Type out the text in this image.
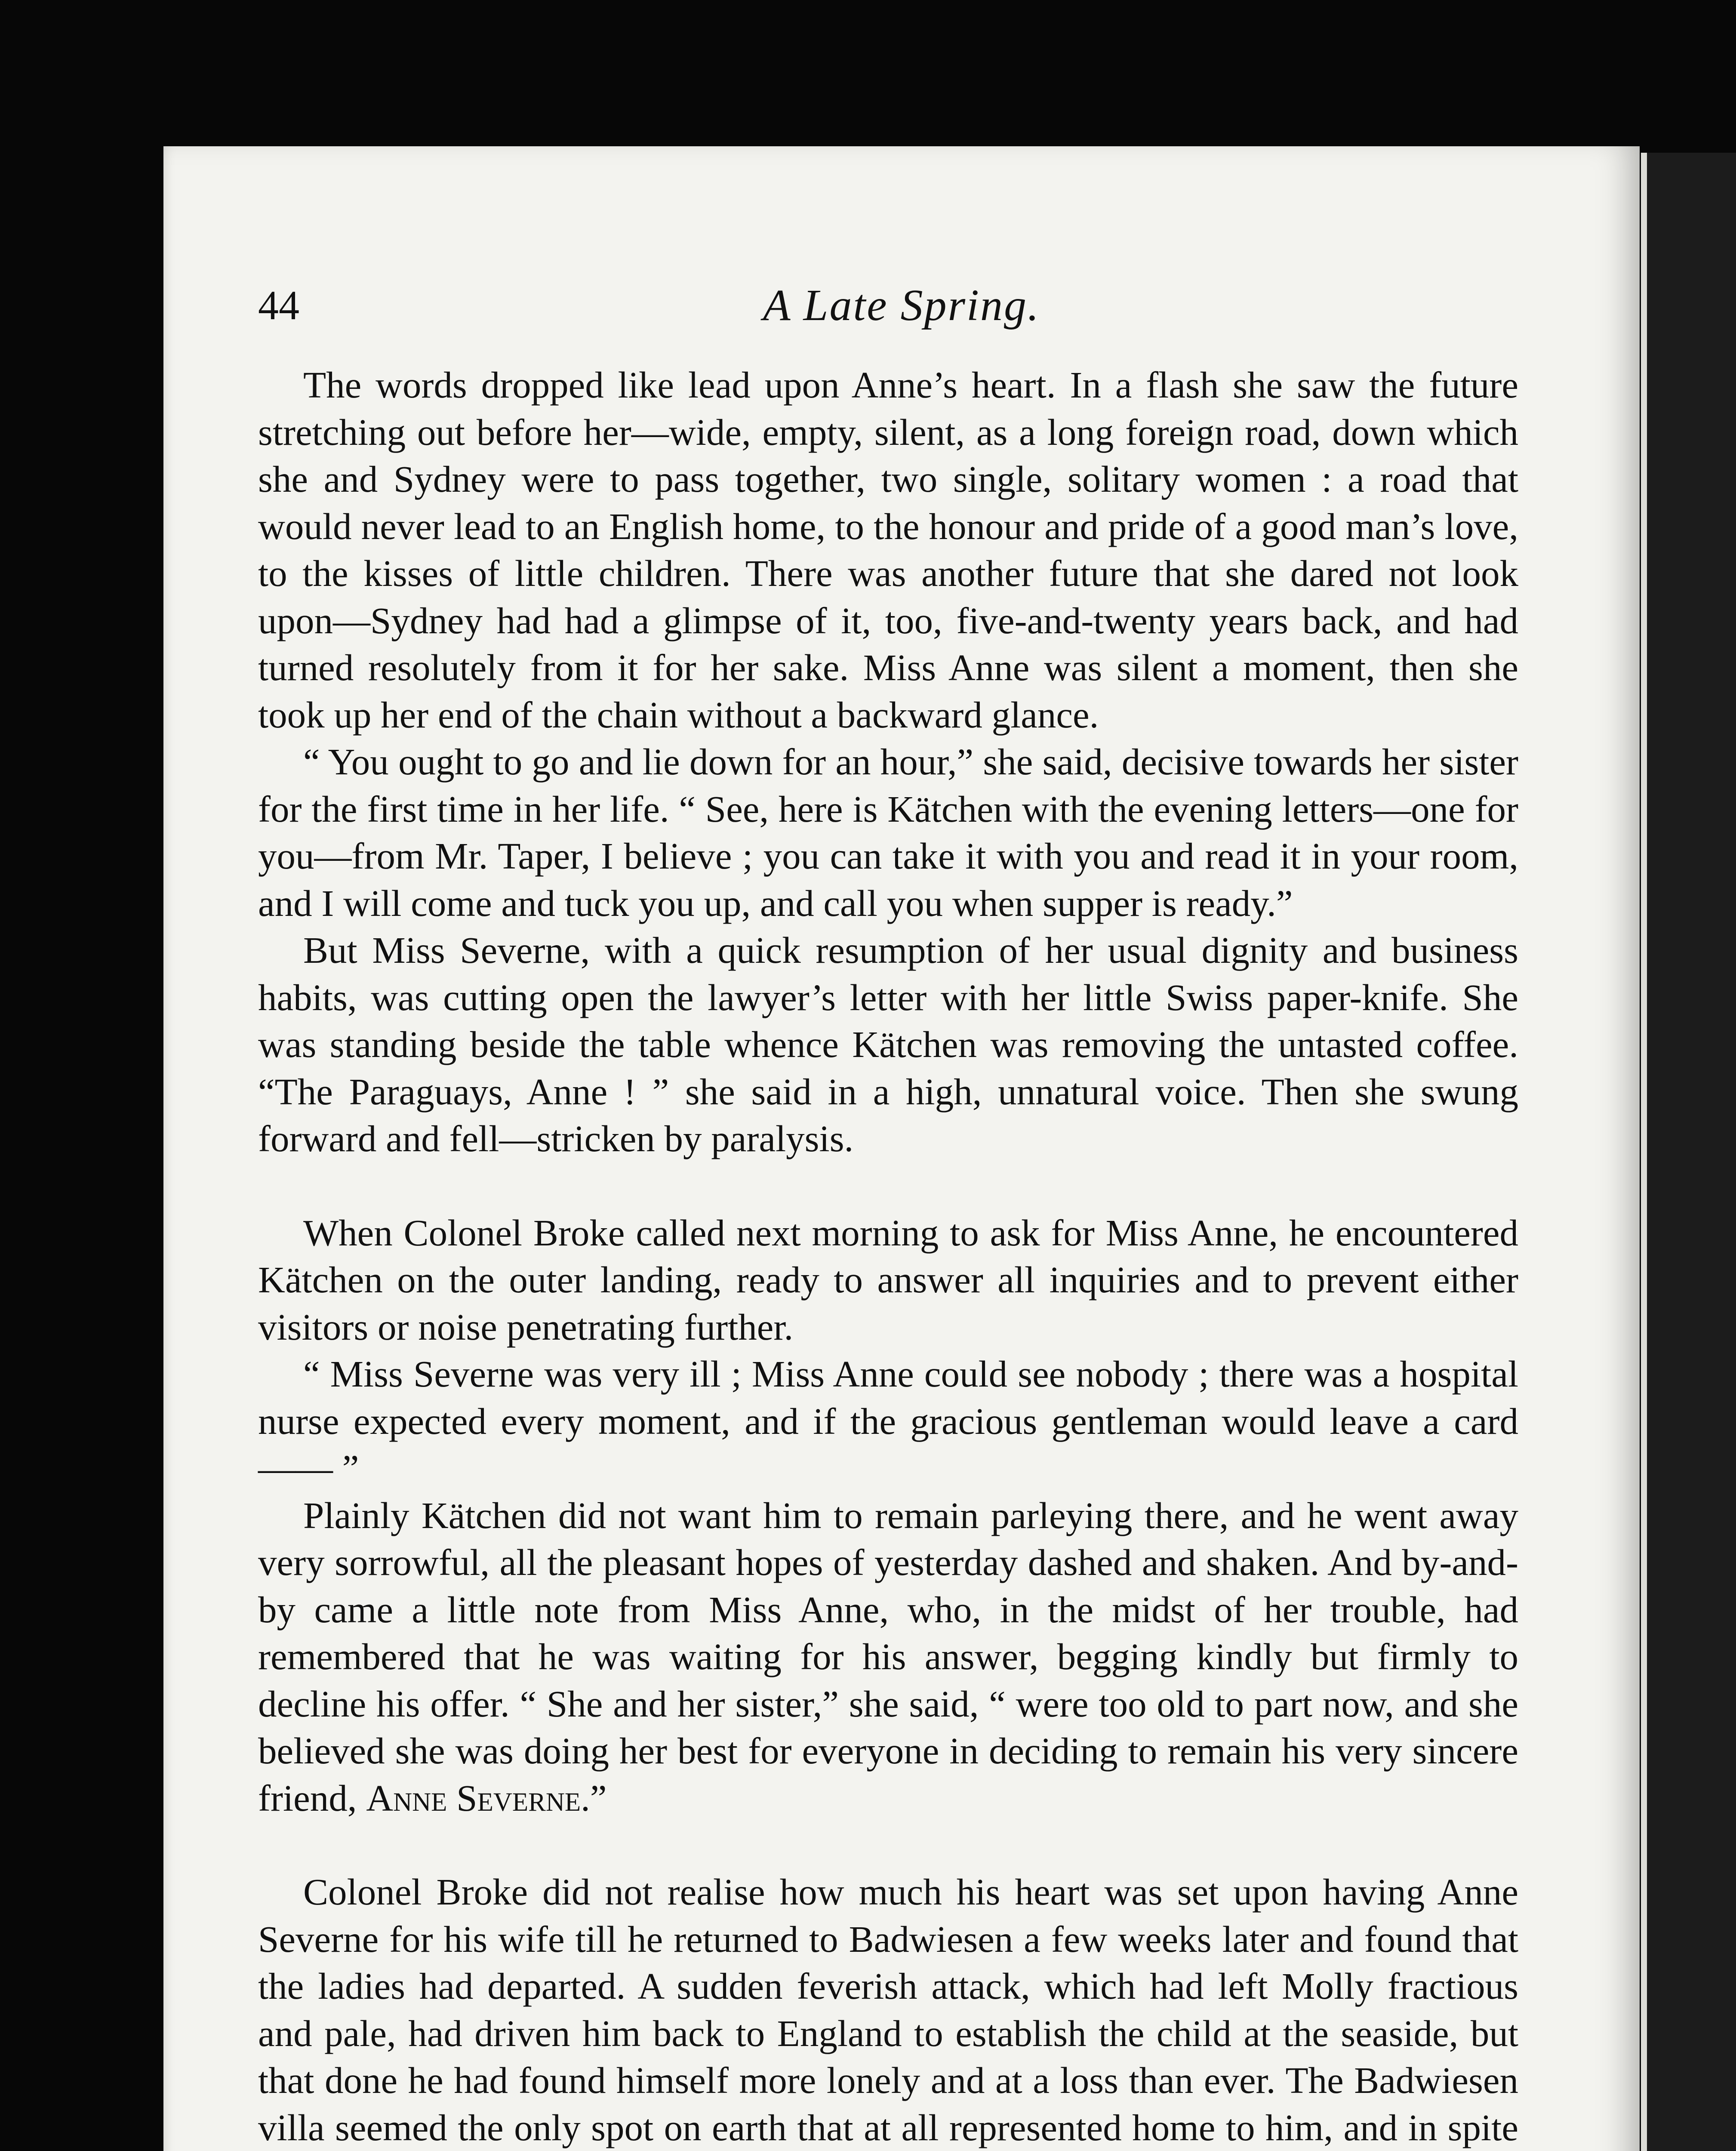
44	A Late Spring.

The words dropped like lead upon Anne’s heart. In a flash she saw the future stretching out before her—wide, empty, silent, as a long foreign road, down which she and Sydney were to pass together, two single, solitary women : a road that would never lead to an English home, to the honour and pride of a good man’s love, to the kisses of little children. There was another future that she dared not look upon—Sydney had had a glimpse of it, too, five-and-twenty years back, and had turned resolutely from it for her sake. Miss Anne was silent a moment, then she took up her end of the chain without a backward glance.

“ You ought to go and lie down for an hour,” she said, decisive towards her sister for the first time in her life. “ See, here is Kätchen with the evening letters—one for you—from Mr. Taper, I believe ; you can take it with you and read it in your room, and I will come and tuck you up, and call you when supper is ready.”

But Miss Severne, with a quick resumption of her usual dignity and business habits, was cutting open the lawyer’s letter with her little Swiss paper-knife. She was standing beside the table whence Kätchen was removing the untasted coffee. “The Paraguays, Anne ! ” she said in a high, unnatural voice. Then she swung forward and fell—stricken by paralysis.

When Colonel Broke called next morning to ask for Miss Anne, he encountered Kätchen on the outer landing, ready to answer all inquiries and to prevent either visitors or noise penetrating further.

“ Miss Severne was very ill ; Miss Anne could see nobody ; there was a hospital nurse expected every moment, and if the gracious gentleman would leave a card —— ”

Plainly Kätchen did not want him to remain parleying there, and he went away very sorrowful, all the pleasant hopes of yesterday dashed and shaken. And by-and-by came a little note from Miss Anne, who, in the midst of her trouble, had remembered that he was waiting for his answer, begging kindly but firmly to decline his offer. “ She and her sister,” she said, “ were too old to part now, and she believed she was doing her best for everyone in deciding to remain his very sincere friend, Anne Severne.”

Colonel Broke did not realise how much his heart was set upon having Anne Severne for his wife till he returned to Badwiesen a few weeks later and found that the ladies had departed. A sudden feverish attack, which had left Molly fractious and pale, had driven him back to England to establish the child at the seaside, but that done he had found himself more lonely and at a loss than ever. The Badwiesen villa seemed the only spot on earth that at all represented home to him, and in spite
